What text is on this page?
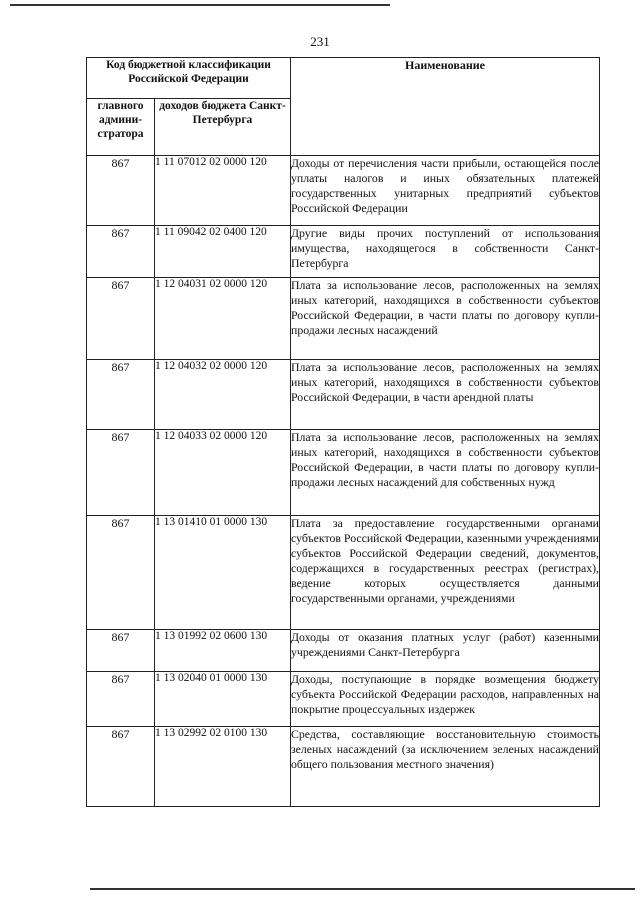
231
Код бюджетной классификации Российской Федерации		Наименование
главного админи-стратора	доходов бюджета Санкт-Петербурга	
867	1 11 07012 02 0000 120	Доходы от перечисления части прибыли, остающейся после уплаты налогов и иных обязательных платежей государственных унитарных предприятий субъектов Российской Федерации
867	1 11 09042 02 0400 120	Другие виды прочих поступлений от использования имущества, находящегося в собственности Санкт-Петербурга
867	1 12 04031 02 0000 120	Плата за использование лесов, расположенных на землях иных категорий, находящихся в собственности субъектов Российской Федерации, в части платы по договору купли-продажи лесных насаждений
867	1 12 04032 02 0000 120	Плата за использование лесов, расположенных на землях иных категорий, находящихся в собственности субъектов Российской Федерации, в части арендной платы
867	1 12 04033 02 0000 120	Плата за использование лесов, расположенных на землях иных категорий, находящихся в собственности субъектов Российской Федерации, в части платы по договору купли-продажи лесных насаждений для собственных нужд
867	1 13 01410 01 0000 130	Плата за предоставление государственными органами субъектов Российской Федерации, казенными учреждениями субъектов Российской Федерации сведений, документов, содержащихся в государственных реестрах (регистрах), ведение которых осуществляется данными государственными органами, учреждениями
867	1 13 01992 02 0600 130	Доходы от оказания платных услуг (работ) казенными учреждениями Санкт-Петербурга
867	1 13 02040 01 0000 130	Доходы, поступающие в порядке возмещения бюджету субъекта Российской Федерации расходов, направленных на покрытие процессуальных издержек
867	1 13 02992 02 0100 130	Средства, составляющие восстановительную стоимость зеленых насаждений (за исключением зеленых насаждений общего пользования местного значения)
